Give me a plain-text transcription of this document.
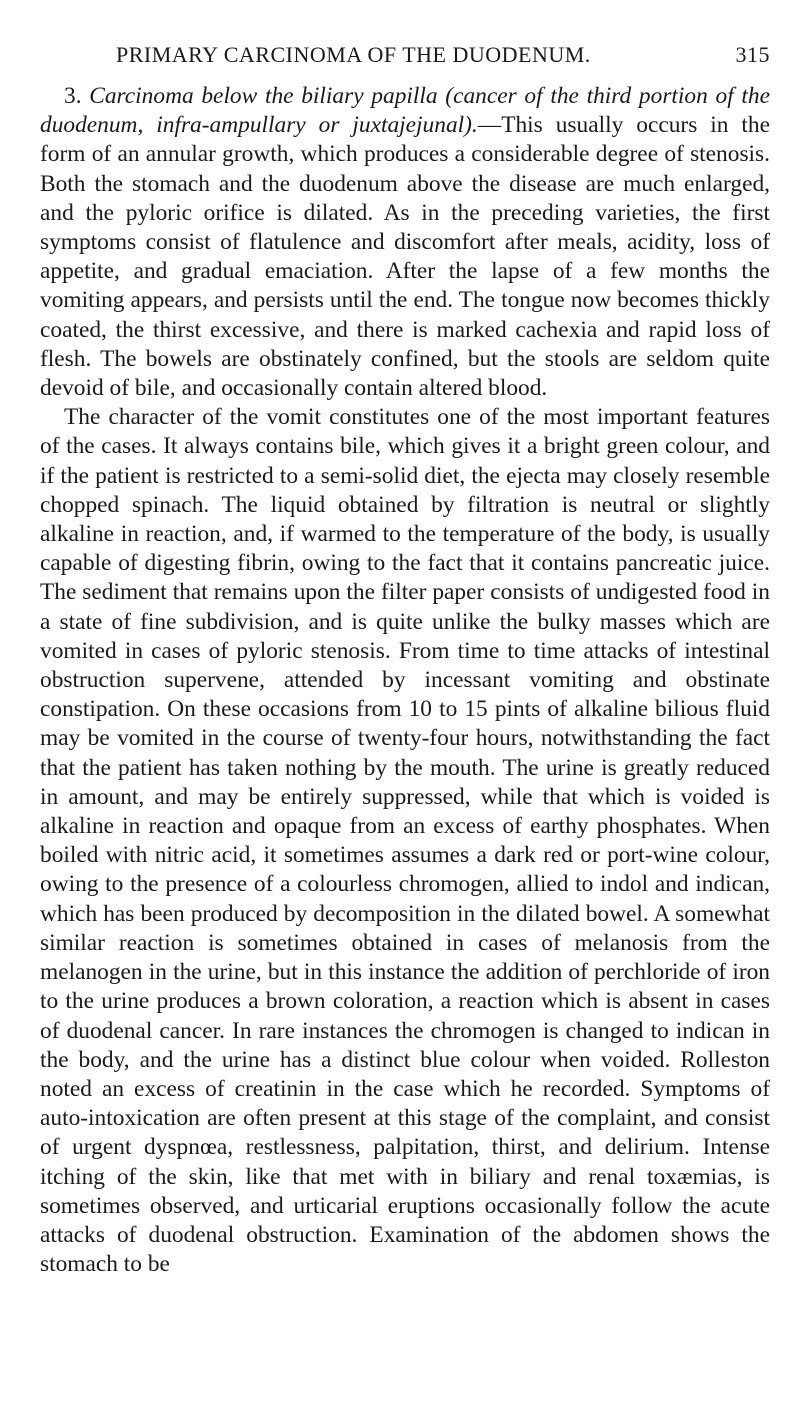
PRIMARY CARCINOMA OF THE DUODENUM.	315

3. Carcinoma below the biliary papilla (cancer of the third portion of the duodenum, infra-ampullary or juxtajejunal).—This usually occurs in the form of an annular growth, which produces a considerable degree of stenosis. Both the stomach and the duodenum above the disease are much enlarged, and the pyloric orifice is dilated. As in the preceding varieties, the first symptoms consist of flatulence and discomfort after meals, acidity, loss of appetite, and gradual emaciation. After the lapse of a few months the vomiting appears, and persists until the end. The tongue now becomes thickly coated, the thirst excessive, and there is marked cachexia and rapid loss of flesh. The bowels are obstinately confined, but the stools are seldom quite devoid of bile, and occasionally contain altered blood.

The character of the vomit constitutes one of the most important features of the cases. It always contains bile, which gives it a bright green colour, and if the patient is restricted to a semi-solid diet, the ejecta may closely resemble chopped spinach. The liquid obtained by filtration is neutral or slightly alkaline in reaction, and, if warmed to the temperature of the body, is usually capable of digesting fibrin, owing to the fact that it contains pancreatic juice. The sediment that remains upon the filter paper consists of undigested food in a state of fine subdivision, and is quite unlike the bulky masses which are vomited in cases of pyloric stenosis. From time to time attacks of intestinal obstruction supervene, attended by incessant vomiting and obstinate constipation. On these occasions from 10 to 15 pints of alkaline bilious fluid may be vomited in the course of twenty-four hours, notwithstanding the fact that the patient has taken nothing by the mouth. The urine is greatly reduced in amount, and may be entirely suppressed, while that which is voided is alkaline in reaction and opaque from an excess of earthy phosphates. When boiled with nitric acid, it sometimes assumes a dark red or port-wine colour, owing to the presence of a colourless chromogen, allied to indol and indican, which has been produced by decomposition in the dilated bowel. A somewhat similar reaction is sometimes obtained in cases of melanosis from the melanogen in the urine, but in this instance the addition of perchloride of iron to the urine produces a brown coloration, a reaction which is absent in cases of duodenal cancer. In rare instances the chromogen is changed to indican in the body, and the urine has a distinct blue colour when voided. Rolleston noted an excess of creatinin in the case which he recorded. Symptoms of auto-intoxication are often present at this stage of the complaint, and consist of urgent dyspnœa, restlessness, palpitation, thirst, and delirium. Intense itching of the skin, like that met with in biliary and renal toxæmias, is sometimes observed, and urticarial eruptions occasionally follow the acute attacks of duodenal obstruction. Examination of the abdomen shows the stomach to be
